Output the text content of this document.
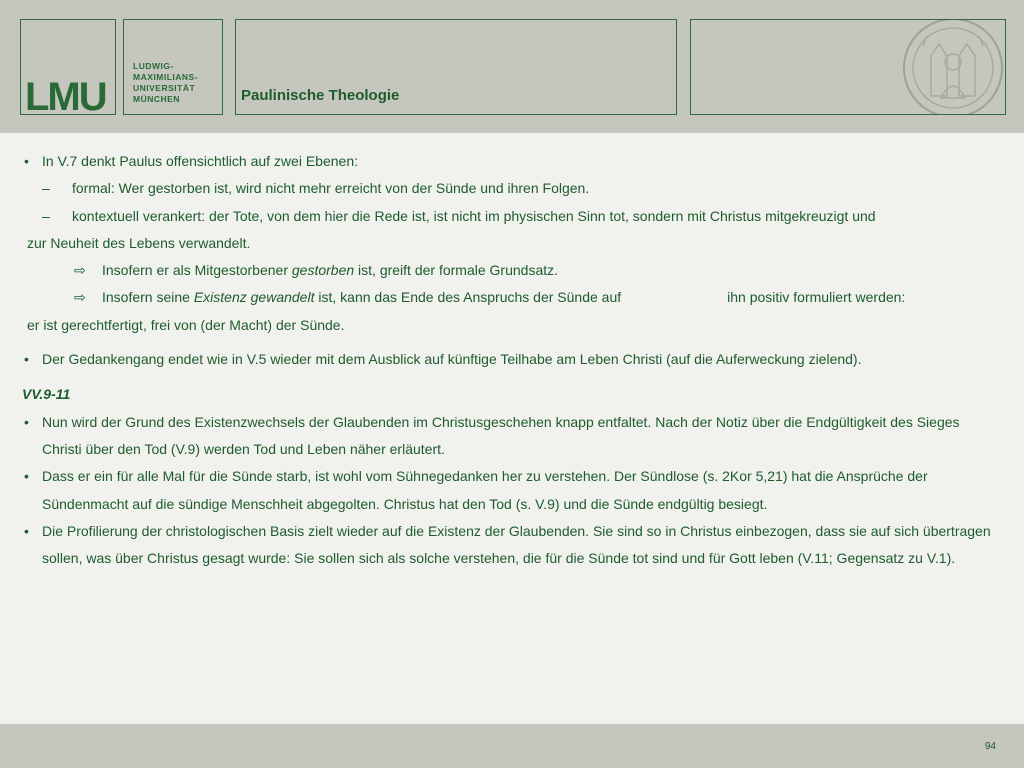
LMU
LUDWIG-
MAXIMILIANS-
UNIVERSITÄT
MÜNCHEN	Paulinische Theologie
• In V.7 denkt Paulus offensichtlich auf zwei Ebenen:
– formal: Wer gestorben ist, wird nicht mehr erreicht von der Sünde und ihren Folgen.
– kontextuell verankert: der Tote, von dem hier die Rede ist, ist nicht im physischen Sinn tot, sondern mit Christus mitgekreuzigt und
zur Neuheit des Lebens verwandelt.
⇨ Insofern er als Mitgestorbener gestorben ist, greift der formale Grundsatz.
⇨ Insofern seine Existenz gewandelt ist, kann das Ende des Anspruchs der Sünde auf	ihn positiv formuliert werden:
er ist gerechtfertigt, frei von (der Macht) der Sünde.
• Der Gedankengang endet wie in V.5 wieder mit dem Ausblick auf künftige Teilhabe am Leben Christi (auf die Auferweckung zielend).
VV.9-11
• Nun wird der Grund des Existenzwechsels der Glaubenden im Christusgeschehen knapp entfaltet. Nach der Notiz über die Endgültigkeit des Sieges Christi über den Tod (V.9) werden Tod und Leben näher erläutert.
• Dass er ein für alle Mal für die Sünde starb, ist wohl vom Sühnegedanken her zu verstehen. Der Sündlose (s. 2Kor 5,21) hat die Ansprüche der Sündenmacht auf die sündige Menschheit abgegolten. Christus hat den Tod (s. V.9) und die Sünde endgültig besiegt.
• Die Profilierung der christologischen Basis zielt wieder auf die Existenz der Glaubenden. Sie sind so in Christus einbezogen, dass sie auf sich übertragen sollen, was über Christus gesagt wurde: Sie sollen sich als solche verstehen, die für die Sünde tot sind und für Gott leben (V.11; Gegensatz zu V.1).
94
